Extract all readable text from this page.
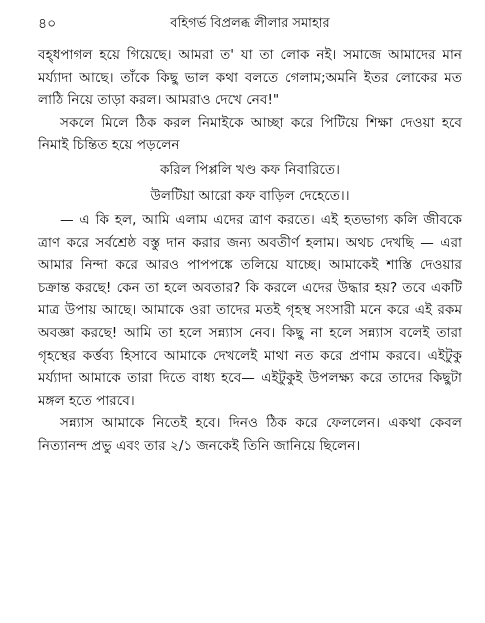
৪০	বহিগর্ভ বিপ্রলব্ধ লীলার সমাহার

বহ্ধপাগল হয়ে গিয়েছে। আমরা ত' যা তা লোক নই। সমাজে আমাদের মান মর্য্যাদা আছে। তাঁকে কিছু ভাল কথা বলতে গেলাম;অমনি ইতর লোকের মত লাঠি নিয়ে তাড়া করল। আমরাও দেখে নেব!"

সকলে মিলে ঠিক করল নিমাইকে আচ্ছা করে পিটিয়ে শিক্ষা দেওয়া হবে নিমাই চিন্তিত হয়ে পড়লেন

করিল পিপ্পলি খণ্ড কফ নিবারিতে।

উলটিয়া আরো কফ বাড়িল দেহেতে।।

— এ কি হল, আমি এলাম এদের ত্রাণ করতে। এই হতভাগ্য কলি জীবকে ত্রাণ করে সর্বশ্রেষ্ঠ বস্তু দান করার জন্য অবতীর্ণ হলাম। অথচ দেখছি — এরা আমার নিন্দা করে আরও পাপপঙ্কে তলিয়ে যাচ্ছে। আমাকেই শাস্তি দেওয়ার চক্রান্ত করছে! কেন তা হলে অবতার? কি করলে এদের উদ্ধার হয়? তবে একটি মাত্র উপায় আছে। আমাকে ওরা তাদের মতই গৃহস্থ সংসারী মনে করে এই রকম অবজ্ঞা করছে! আমি তা হলে সন্ন্যাস নেব। কিছু না হলে সন্ন্যাস বলেই তারা গৃহস্থের কর্ত্তব্য হিসাবে আমাকে দেখলেই মাথা নত করে প্রণাম করবে। এইটুকু মর্য্যাদা আমাকে তারা দিতে বাধ্য হবে— এইটুকুই উপলক্ষ্য করে তাদের কিছুটা মঙ্গল হতে পারবে।

সন্ন্যাস আমাকে নিতেই হবে। দিনও ঠিক করে ফেললেন। একথা কেবল নিত্যানন্দ প্রভু এবং তার ২/১ জনকেই তিনি জানিয়ে ছিলেন।
